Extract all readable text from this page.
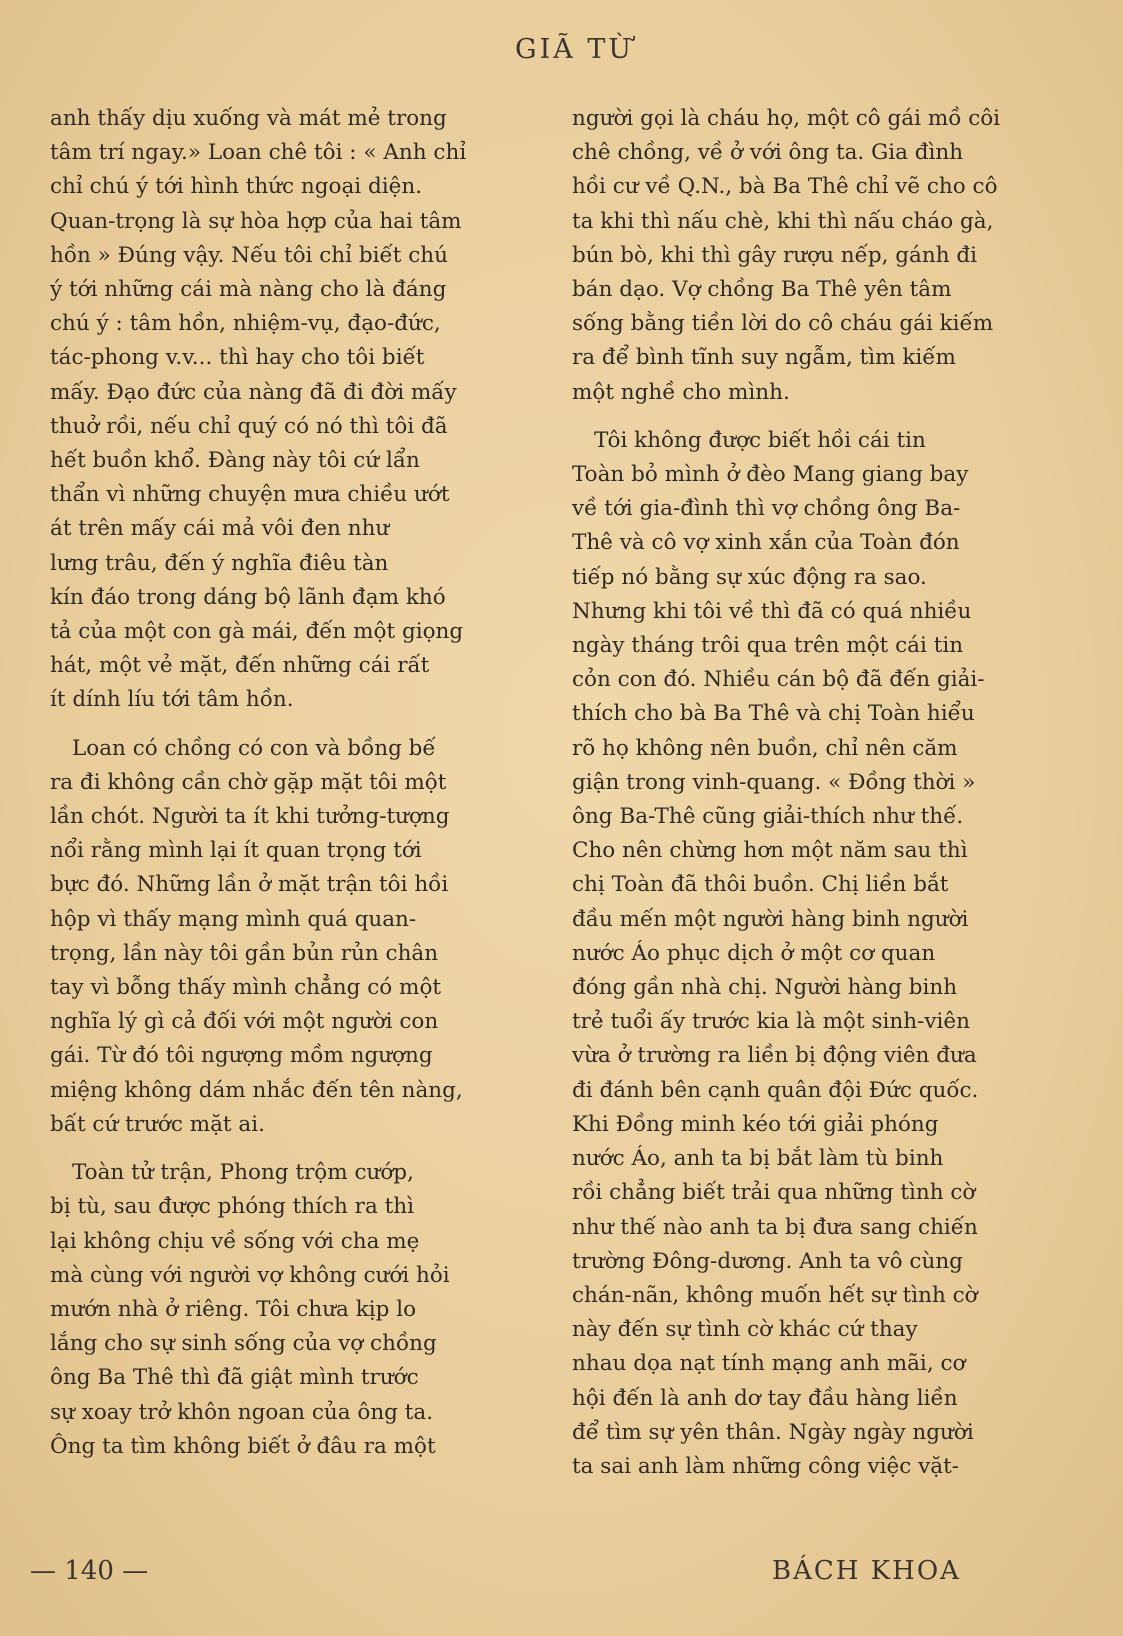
GIÃ TỪ
anh thấy dịu xuống và mát mẻ trong
tâm trí ngay.» Loan chê tôi : « Anh chỉ
chỉ chú ý tới hình thức ngoại diện.
Quan-trọng là sự hòa hợp của hai tâm
hồn » Đúng vậy. Nếu tôi chỉ biết chú
ý tới những cái mà nàng cho là đáng
chú ý : tâm hồn, nhiệm-vụ, đạo-đức,
tác-phong v.v... thì hay cho tôi biết
mấy. Đạo đức của nàng đã đi đời mấy
thuở rồi, nếu chỉ quý có nó thì tôi đã
hết buồn khổ. Đàng này tôi cứ lẩn
thẩn vì những chuyện mưa chiều ướt
át trên mấy cái mả vôi đen như
lưng trâu, đến ý nghĩa điêu tàn
kín đáo trong dáng bộ lãnh đạm khó
tả của một con gà mái, đến một giọng
hát, một vẻ mặt, đến những cái rất
ít dính líu tới tâm hồn.
Loan có chồng có con và bồng bế
ra đi không cần chờ gặp mặt tôi một
lần chót. Người ta ít khi tưởng-tượng
nổi rằng mình lại ít quan trọng tới
bực đó. Những lần ở mặt trận tôi hồi
hộp vì thấy mạng mình quá quan-
trọng, lần này tôi gần bủn rủn chân
tay vì bỗng thấy mình chẳng có một
nghĩa lý gì cả đối với một người con
gái. Từ đó tôi ngượng mồm ngượng
miệng không dám nhắc đến tên nàng,
bất cứ trước mặt ai.
Toàn tử trận, Phong trộm cướp,
bị tù, sau được phóng thích ra thì
lại không chịu về sống với cha mẹ
mà cùng với người vợ không cưới hỏi
mướn nhà ở riêng. Tôi chưa kịp lo
lắng cho sự sinh sống của vợ chồng
ông Ba Thê thì đã giật mình trước
sự xoay trở khôn ngoan của ông ta.
Ông ta tìm không biết ở đâu ra một
người gọi là cháu họ, một cô gái mồ côi
chê chồng, về ở với ông ta. Gia đình
hồi cư về Q.N., bà Ba Thê chỉ vẽ cho cô
ta khi thì nấu chè, khi thì nấu cháo gà,
bún bò, khi thì gây rượu nếp, gánh đi
bán dạo. Vợ chồng Ba Thê yên tâm
sống bằng tiền lời do cô cháu gái kiếm
ra để bình tĩnh suy ngẫm, tìm kiếm
một nghề cho mình.
Tôi không được biết hồi cái tin
Toàn bỏ mình ở đèo Mang giang bay
về tới gia-đình thì vợ chồng ông Ba-
Thê và cô vợ xinh xắn của Toàn đón
tiếp nó bằng sự xúc động ra sao.
Nhưng khi tôi về thì đã có quá nhiều
ngày tháng trôi qua trên một cái tin
cỏn con đó. Nhiều cán bộ đã đến giải-
thích cho bà Ba Thê và chị Toàn hiểu
rõ họ không nên buồn, chỉ nên căm
giận trong vinh-quang. « Đồng thời »
ông Ba-Thê cũng giải-thích như thế.
Cho nên chừng hơn một năm sau thì
chị Toàn đã thôi buồn. Chị liền bắt
đầu mến một người hàng binh người
nước Áo phục dịch ở một cơ quan
đóng gần nhà chị. Người hàng binh
trẻ tuổi ấy trước kia là một sinh-viên
vừa ở trường ra liền bị động viên đưa
đi đánh bên cạnh quân đội Đức quốc.
Khi Đồng minh kéo tới giải phóng
nước Áo, anh ta bị bắt làm tù binh
rồi chẳng biết trải qua những tình cờ
như thế nào anh ta bị đưa sang chiến
trường Đông-dương. Anh ta vô cùng
chán-nãn, không muốn hết sự tình cờ
này đến sự tình cờ khác cứ thay
nhau dọa nạt tính mạng anh mãi, cơ
hội đến là anh dơ tay đầu hàng liền
để tìm sự yên thân. Ngày ngày người
ta sai anh làm những công việc vặt-
— 140 —	BÁCH KHOA
